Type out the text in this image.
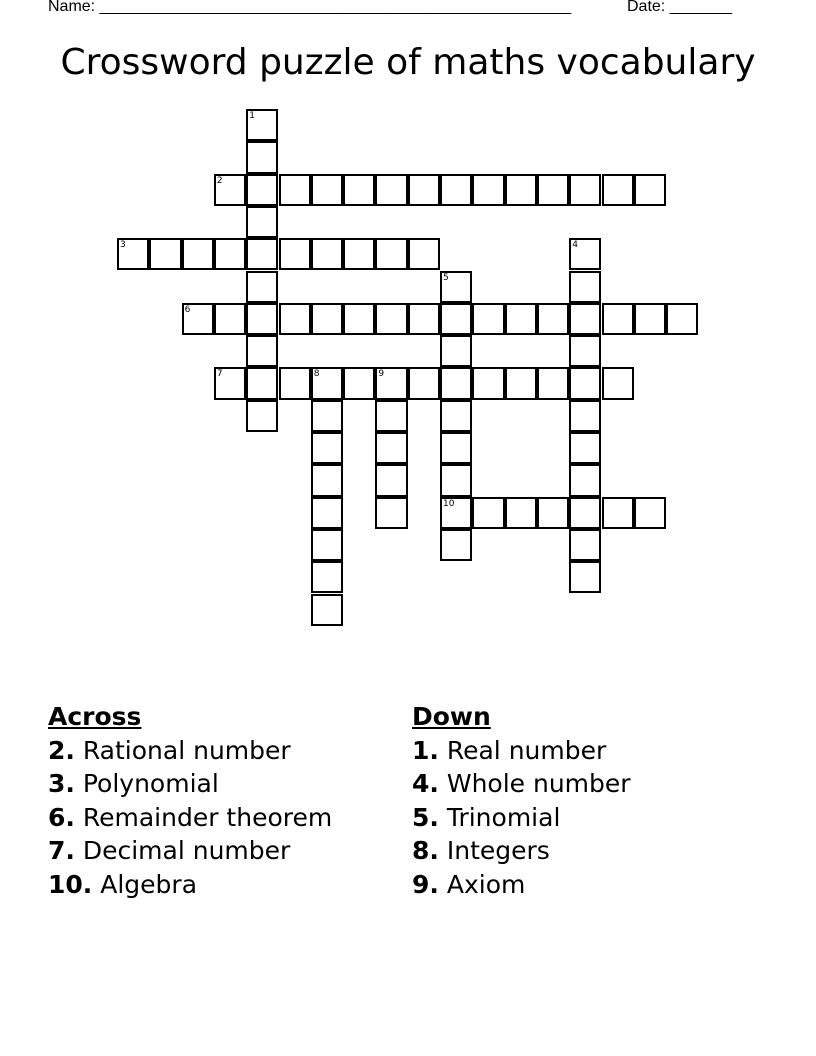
Name: _____________________________________________________	Date: _______
Crossword puzzle of maths vocabulary
1
2
3	4
5
10
6
7	8	9
Across
2. Rational number
3. Polynomial
6. Remainder theorem
7. Decimal number
10. Algebra
Down
1. Real number
4. Whole number
5. Trinomial
8. Integers
9. Axiom
